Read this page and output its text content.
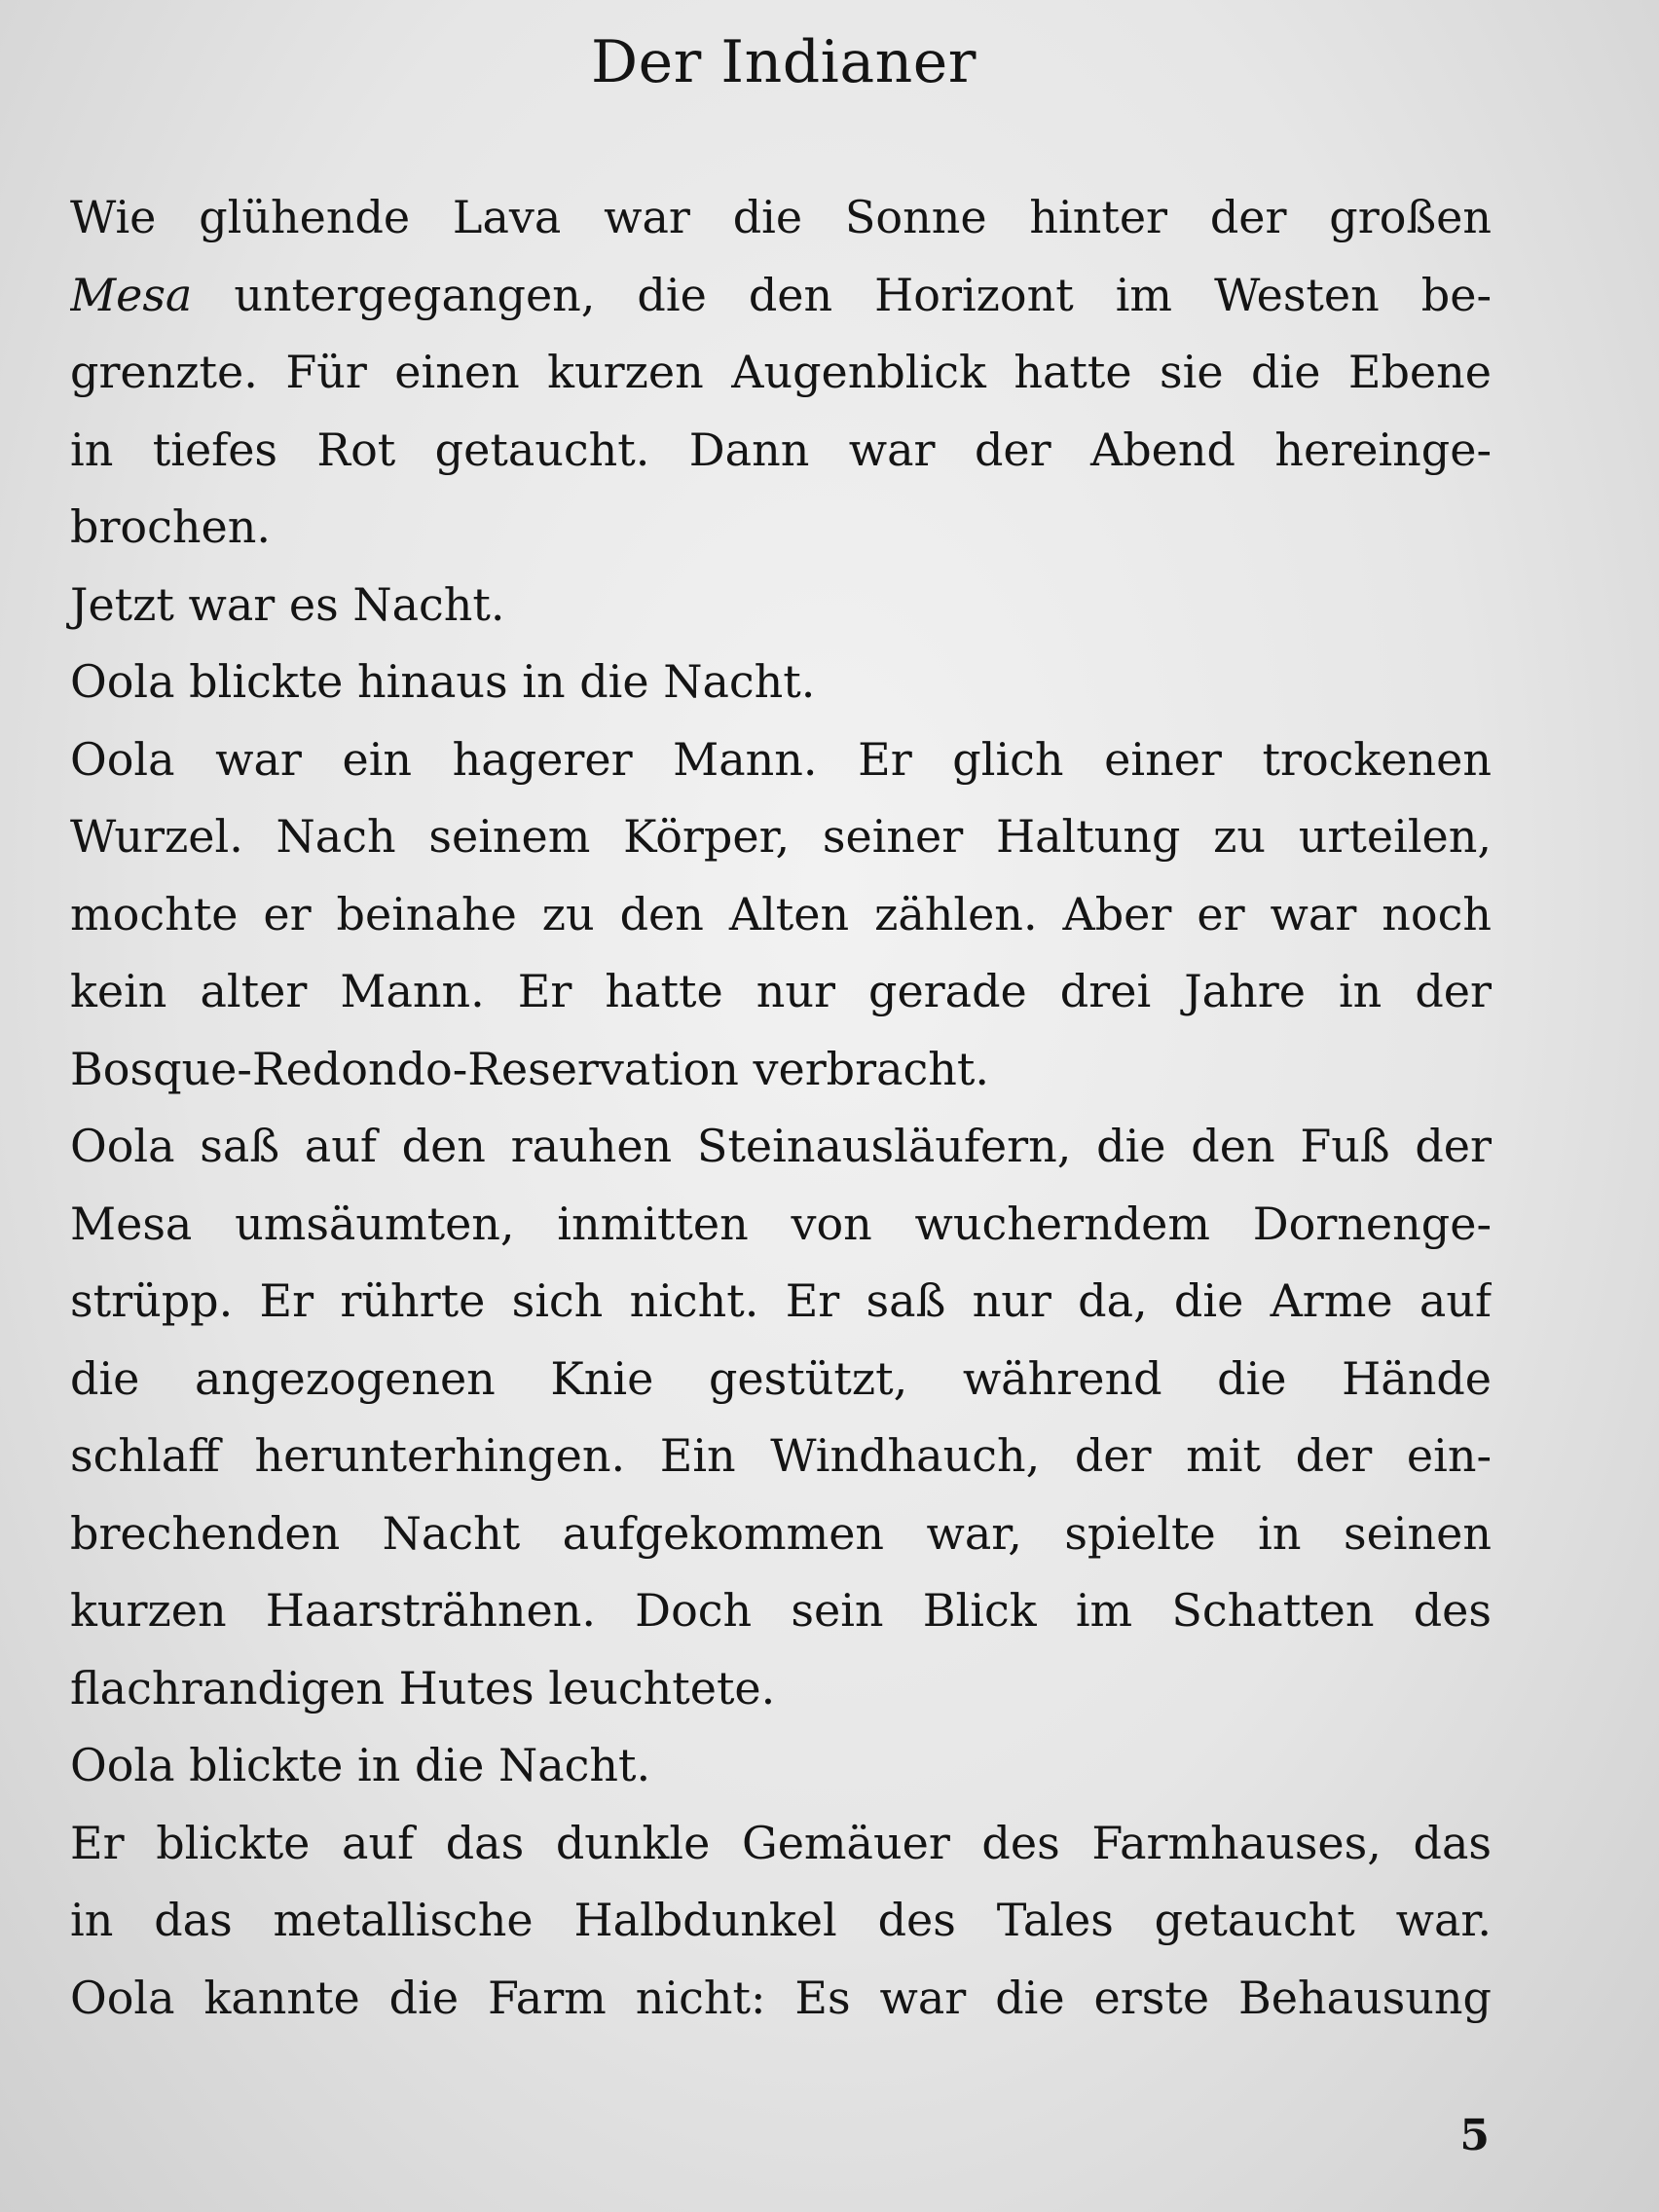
Der Indianer
Wie glühende Lava war die Sonne hinter der großen
Mesa untergegangen, die den Horizont im Westen be-
grenzte. Für einen kurzen Augenblick hatte sie die Ebene
in tiefes Rot getaucht. Dann war der Abend hereinge-
brochen.
Jetzt war es Nacht.
Oola blickte hinaus in die Nacht.
Oola war ein hagerer Mann. Er glich einer trockenen
Wurzel. Nach seinem Körper, seiner Haltung zu urteilen,
mochte er beinahe zu den Alten zählen. Aber er war noch
kein alter Mann. Er hatte nur gerade drei Jahre in der
Bosque-Redondo-Reservation verbracht.
Oola saß auf den rauhen Steinausläufern, die den Fuß der
Mesa umsäumten, inmitten von wucherndem Dornenge-
strüpp. Er rührte sich nicht. Er saß nur da, die Arme auf
die angezogenen Knie gestützt, während die Hände
schlaff herunterhingen. Ein Windhauch, der mit der ein-
brechenden Nacht aufgekommen war, spielte in seinen
kurzen Haarsträhnen. Doch sein Blick im Schatten des
flachrandigen Hutes leuchtete.
Oola blickte in die Nacht.
Er blickte auf das dunkle Gemäuer des Farmhauses, das
in das metallische Halbdunkel des Tales getaucht war.
Oola kannte die Farm nicht: Es war die erste Behausung
5
